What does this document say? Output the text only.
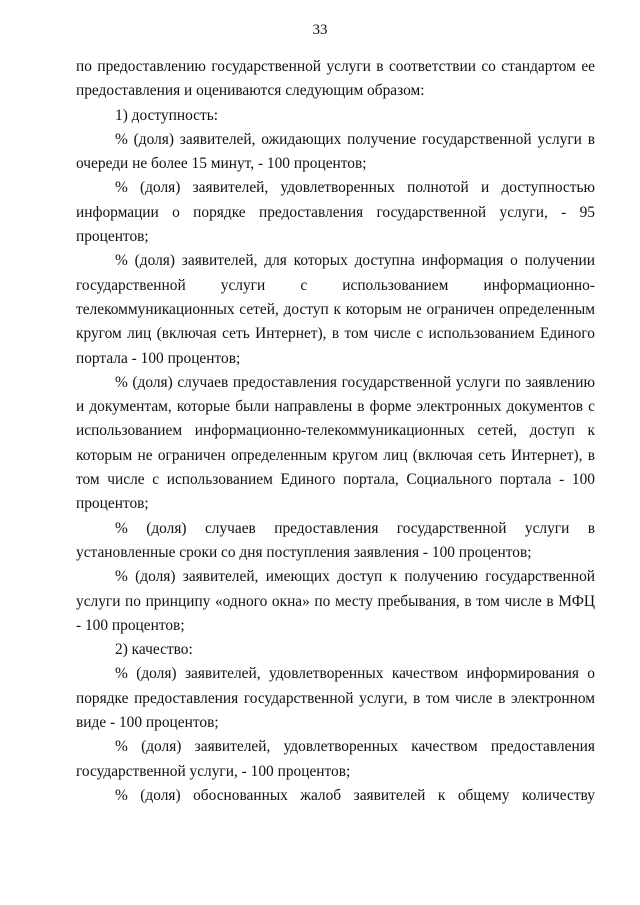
33

по предоставлению государственной услуги в соответствии со стандартом ее предоставления и оцениваются следующим образом:

1) доступность:

% (доля) заявителей, ожидающих получение государственной услуги в очереди не более 15 минут, - 100 процентов;

% (доля) заявителей, удовлетворенных полнотой и доступностью информации о порядке предоставления государственной услуги, - 95 процентов;

% (доля) заявителей, для которых доступна информация о получении государственной услуги с использованием информационно-телекоммуникационных сетей, доступ к которым не ограничен определенным кругом лиц (включая сеть Интернет), в том числе с использованием Единого портала - 100 процентов;

% (доля) случаев предоставления государственной услуги по заявлению и документам, которые были направлены в форме электронных документов с использованием информационно-телекоммуникационных сетей, доступ к которым не ограничен определенным кругом лиц (включая сеть Интернет), в том числе с использованием Единого портала, Социального портала - 100 процентов;

% (доля) случаев предоставления государственной услуги в установленные сроки со дня поступления заявления - 100 процентов;

% (доля) заявителей, имеющих доступ к получению государственной услуги по принципу «одного окна» по месту пребывания, в том числе в МФЦ - 100 процентов;

2) качество:

% (доля) заявителей, удовлетворенных качеством информирования о порядке предоставления государственной услуги, в том числе в электронном виде - 100 процентов;

% (доля) заявителей, удовлетворенных качеством предоставления государственной услуги, - 100 процентов;

% (доля) обоснованных жалоб заявителей к общему количеству
